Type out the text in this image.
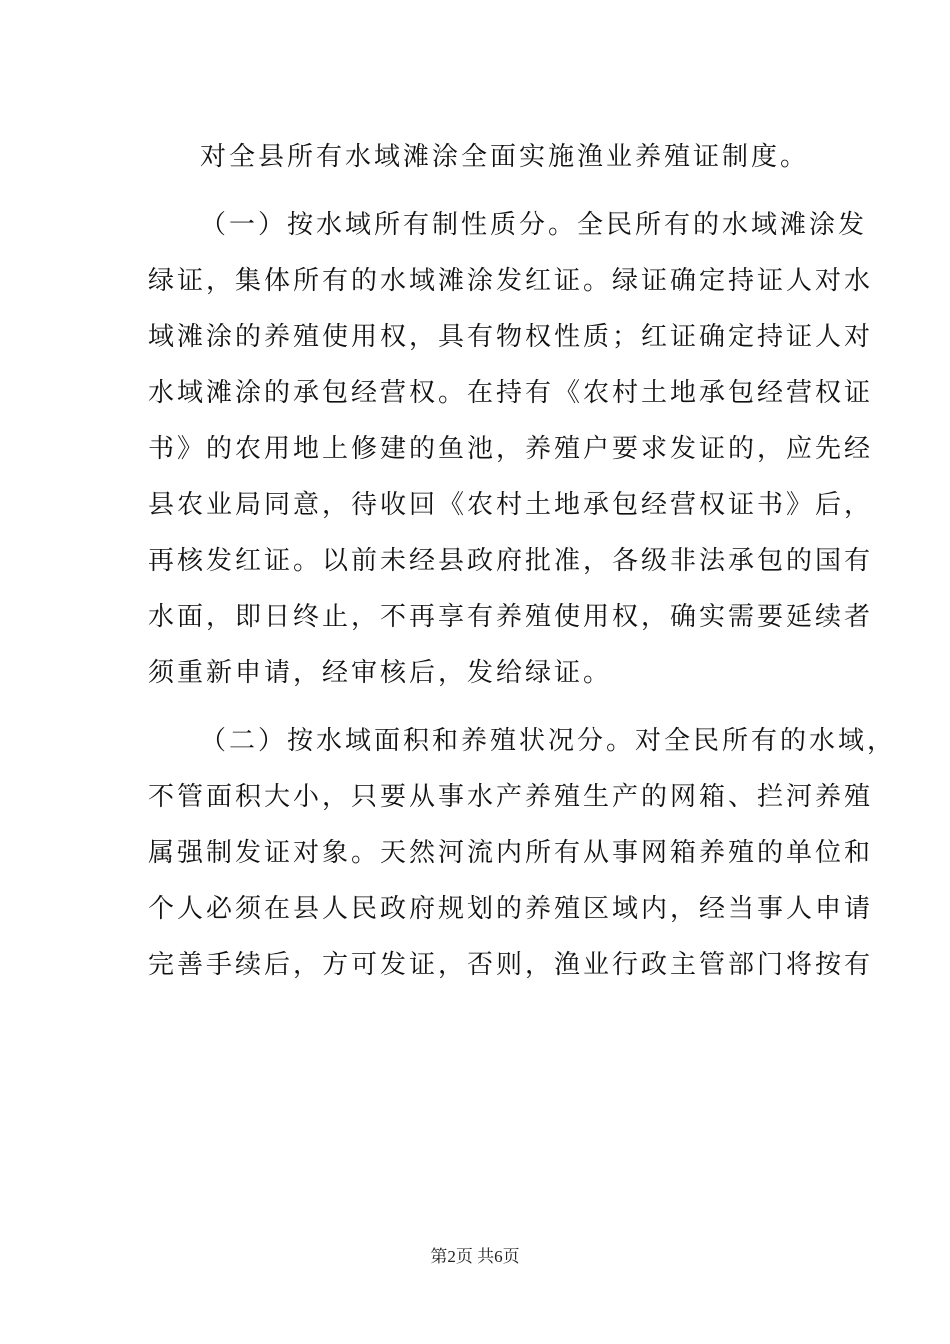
对全县所有水域滩涂全面实施渔业养殖证制度。
（一）按水域所有制性质分。全民所有的水域滩涂发
绿证，集体所有的水域滩涂发红证。绿证确定持证人对水
域滩涂的养殖使用权，具有物权性质；红证确定持证人对
水域滩涂的承包经营权。在持有《农村土地承包经营权证
书》的农用地上修建的鱼池，养殖户要求发证的，应先经
县农业局同意，待收回《农村土地承包经营权证书》后，
再核发红证。以前未经县政府批准，各级非法承包的国有
水面，即日终止，不再享有养殖使用权，确实需要延续者
须重新申请，经审核后，发给绿证。
（二）按水域面积和养殖状况分。对全民所有的水域，
不管面积大小，只要从事水产养殖生产的网箱、拦河养殖
属强制发证对象。天然河流内所有从事网箱养殖的单位和
个人必须在县人民政府规划的养殖区域内，经当事人申请
完善手续后，方可发证，否则，渔业行政主管部门将按有
第2页 共6页
